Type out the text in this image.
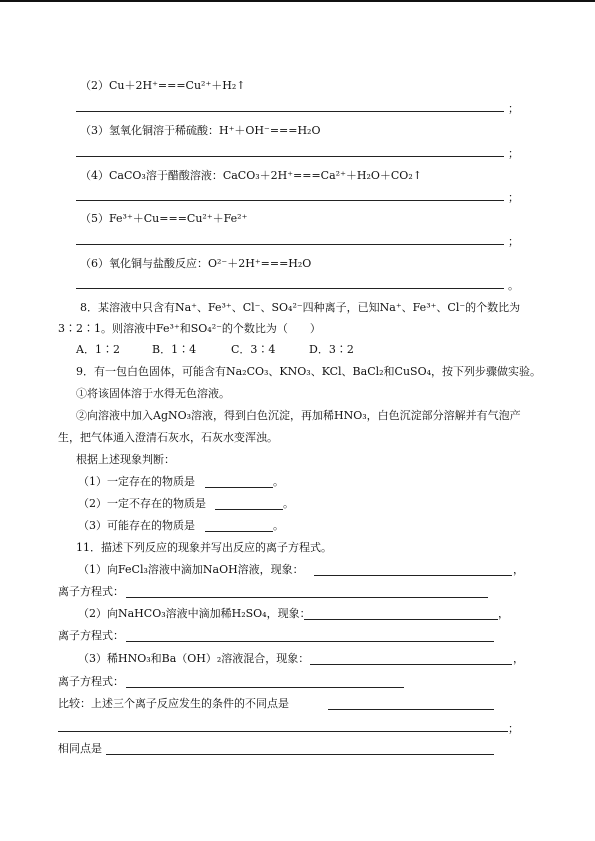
（2）Cu＋2H⁺===Cu²⁺＋H₂↑
；
（3）氢氧化铜溶于稀硫酸：H⁺＋OH⁻===H₂O
；
（4）CaCO₃溶于醋酸溶液：CaCO₃＋2H⁺===Ca²⁺＋H₂O＋CO₂↑
；
（5）Fe³⁺＋Cu===Cu²⁺＋Fe²⁺
；
（6）氧化铜与盐酸反应：O²⁻＋2H⁺===H₂O
。
8．某溶液中只含有Na⁺、Fe³⁺、Cl⁻、SO₄²⁻四种离子，已知Na⁺、Fe³⁺、Cl⁻的个数比为
3∶2∶1。则溶液中Fe³⁺和SO₄²⁻的个数比为（　　）
A．1∶2	B．1∶4	C．3∶4	D．3∶2
9．有一包白色固体，可能含有Na₂CO₃、KNO₃、KCl、BaCl₂和CuSO₄，按下列步骤做实验。
①将该固体溶于水得无色溶液。
②向溶液中加入AgNO₃溶液，得到白色沉淀，再加稀HNO₃，白色沉淀部分溶解并有气泡产
生，把气体通入澄清石灰水，石灰水变浑浊。
根据上述现象判断：
（1）一定存在的物质是	。
（2）一定不存在的物质是	。
（3）可能存在的物质是	。
11．描述下列反应的现象并写出反应的离子方程式。
（1）向FeCl₃溶液中滴加NaOH溶液，现象：	，
离子方程式：
（2）向NaHCO₃溶液中滴加稀H₂SO₄，现象：	，
离子方程式：
（3）稀HNO₃和Ba（OH）₂溶液混合，现象：	，
离子方程式：
比较：上述三个离子反应发生的条件的不同点是
；
相同点是
